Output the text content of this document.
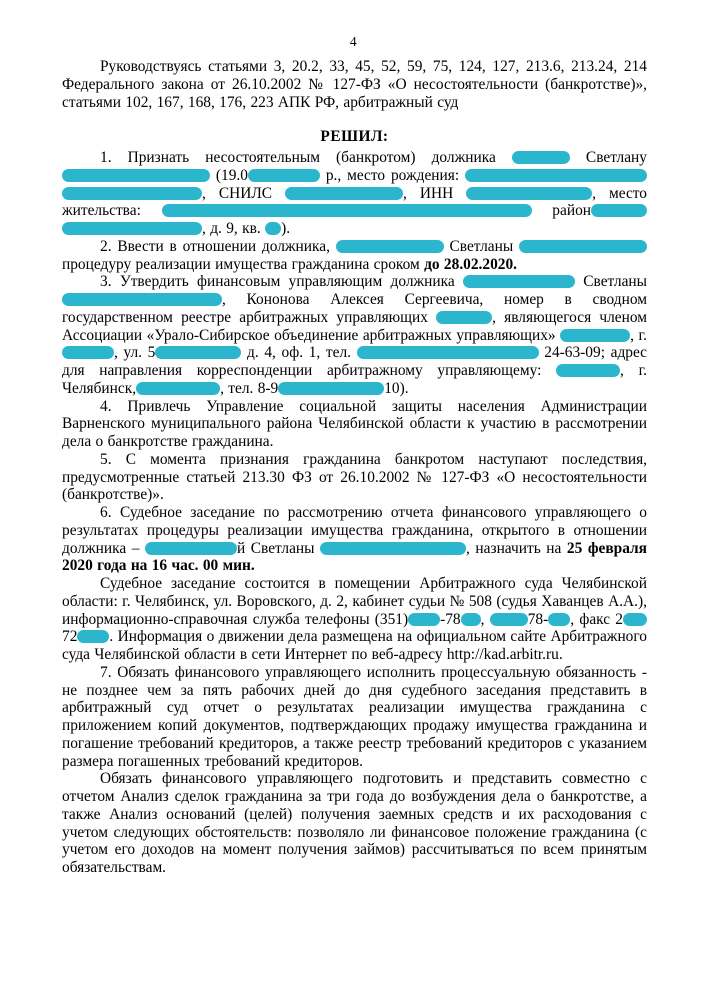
4

Руководствуясь статьями 3, 20.2, 33, 45, 52, 59, 75, 124, 127, 213.6, 213.24, 214 Федерального закона от 26.10.2002 № 127-ФЗ «О несостоятельности (банкротстве)», статьями 102, 167, 168, 176, 223 АПК РФ, арбитражный суд

РЕШИЛ:

1. Признать несостоятельным (банкротом) должника	Светлану  (19.0	р., место рождения:  , СНИЛС	, ИНН	, место жительства:	район , д. 9, кв. ).

2. Ввести в отношении должника,	Светланы  процедуру реализации имущества гражданина сроком до 28.02.2020.

3. Утвердить финансовым управляющим должника	Светланы , Кононова Алексея Сергеевича, номер в сводном государственном реестре арбитражных управляющих	, являющегося членом Ассоциации «Урало-Сибирское объединение арбитражных управляющих»	, г. , ул. 5	д. 4, оф. 1, тел.	24-63-09; адрес для направления корреспонденции арбитражному управляющему:	, г. Челябинск,	, тел. 8-9	10).

4. Привлечь Управление социальной защиты населения Администрации Варненского муниципального района Челябинской области к участию в рассмотрении дела о банкротстве гражданина.

5. С момента признания гражданина банкротом наступают последствия, предусмотренные статьей 213.30 ФЗ от 26.10.2002 № 127-ФЗ «О несостоятельности (банкротстве)».

6. Судебное заседание по рассмотрению отчета финансового управляющего о результатах процедуры реализации имущества гражданина, открытого в отношении должника –	й Светланы	, назначить на 25 февраля 2020 года на 16 час. 00 мин.

Судебное заседание состоится в помещении Арбитражного суда Челябинской области: г. Челябинск, ул. Воровского, д. 2, кабинет судьи № 508 (судья Хаванцев А.А.), информационно-справочная служба телефоны (351) -78 , 78- , факс 272 . Информация о движении дела размещена на официальном сайте Арбитражного суда Челябинской области в сети Интернет по веб-адресу http://kad.arbitr.ru.

7. Обязать финансового управляющего исполнить процессуальную обязанность - не позднее чем за пять рабочих дней до дня судебного заседания представить в арбитражный суд отчет о результатах реализации имущества гражданина с приложением копий документов, подтверждающих продажу имущества гражданина и погашение требований кредиторов, а также реестр требований кредиторов с указанием размера погашенных требований кредиторов.

Обязать финансового управляющего подготовить и представить совместно с отчетом Анализ сделок гражданина за три года до возбуждения дела о банкротстве, а также Анализ оснований (целей) получения заемных средств и их расходования с учетом следующих обстоятельств: позволяло ли финансовое положение гражданина (с учетом его доходов на момент получения займов) рассчитываться по всем принятым обязательствам.
